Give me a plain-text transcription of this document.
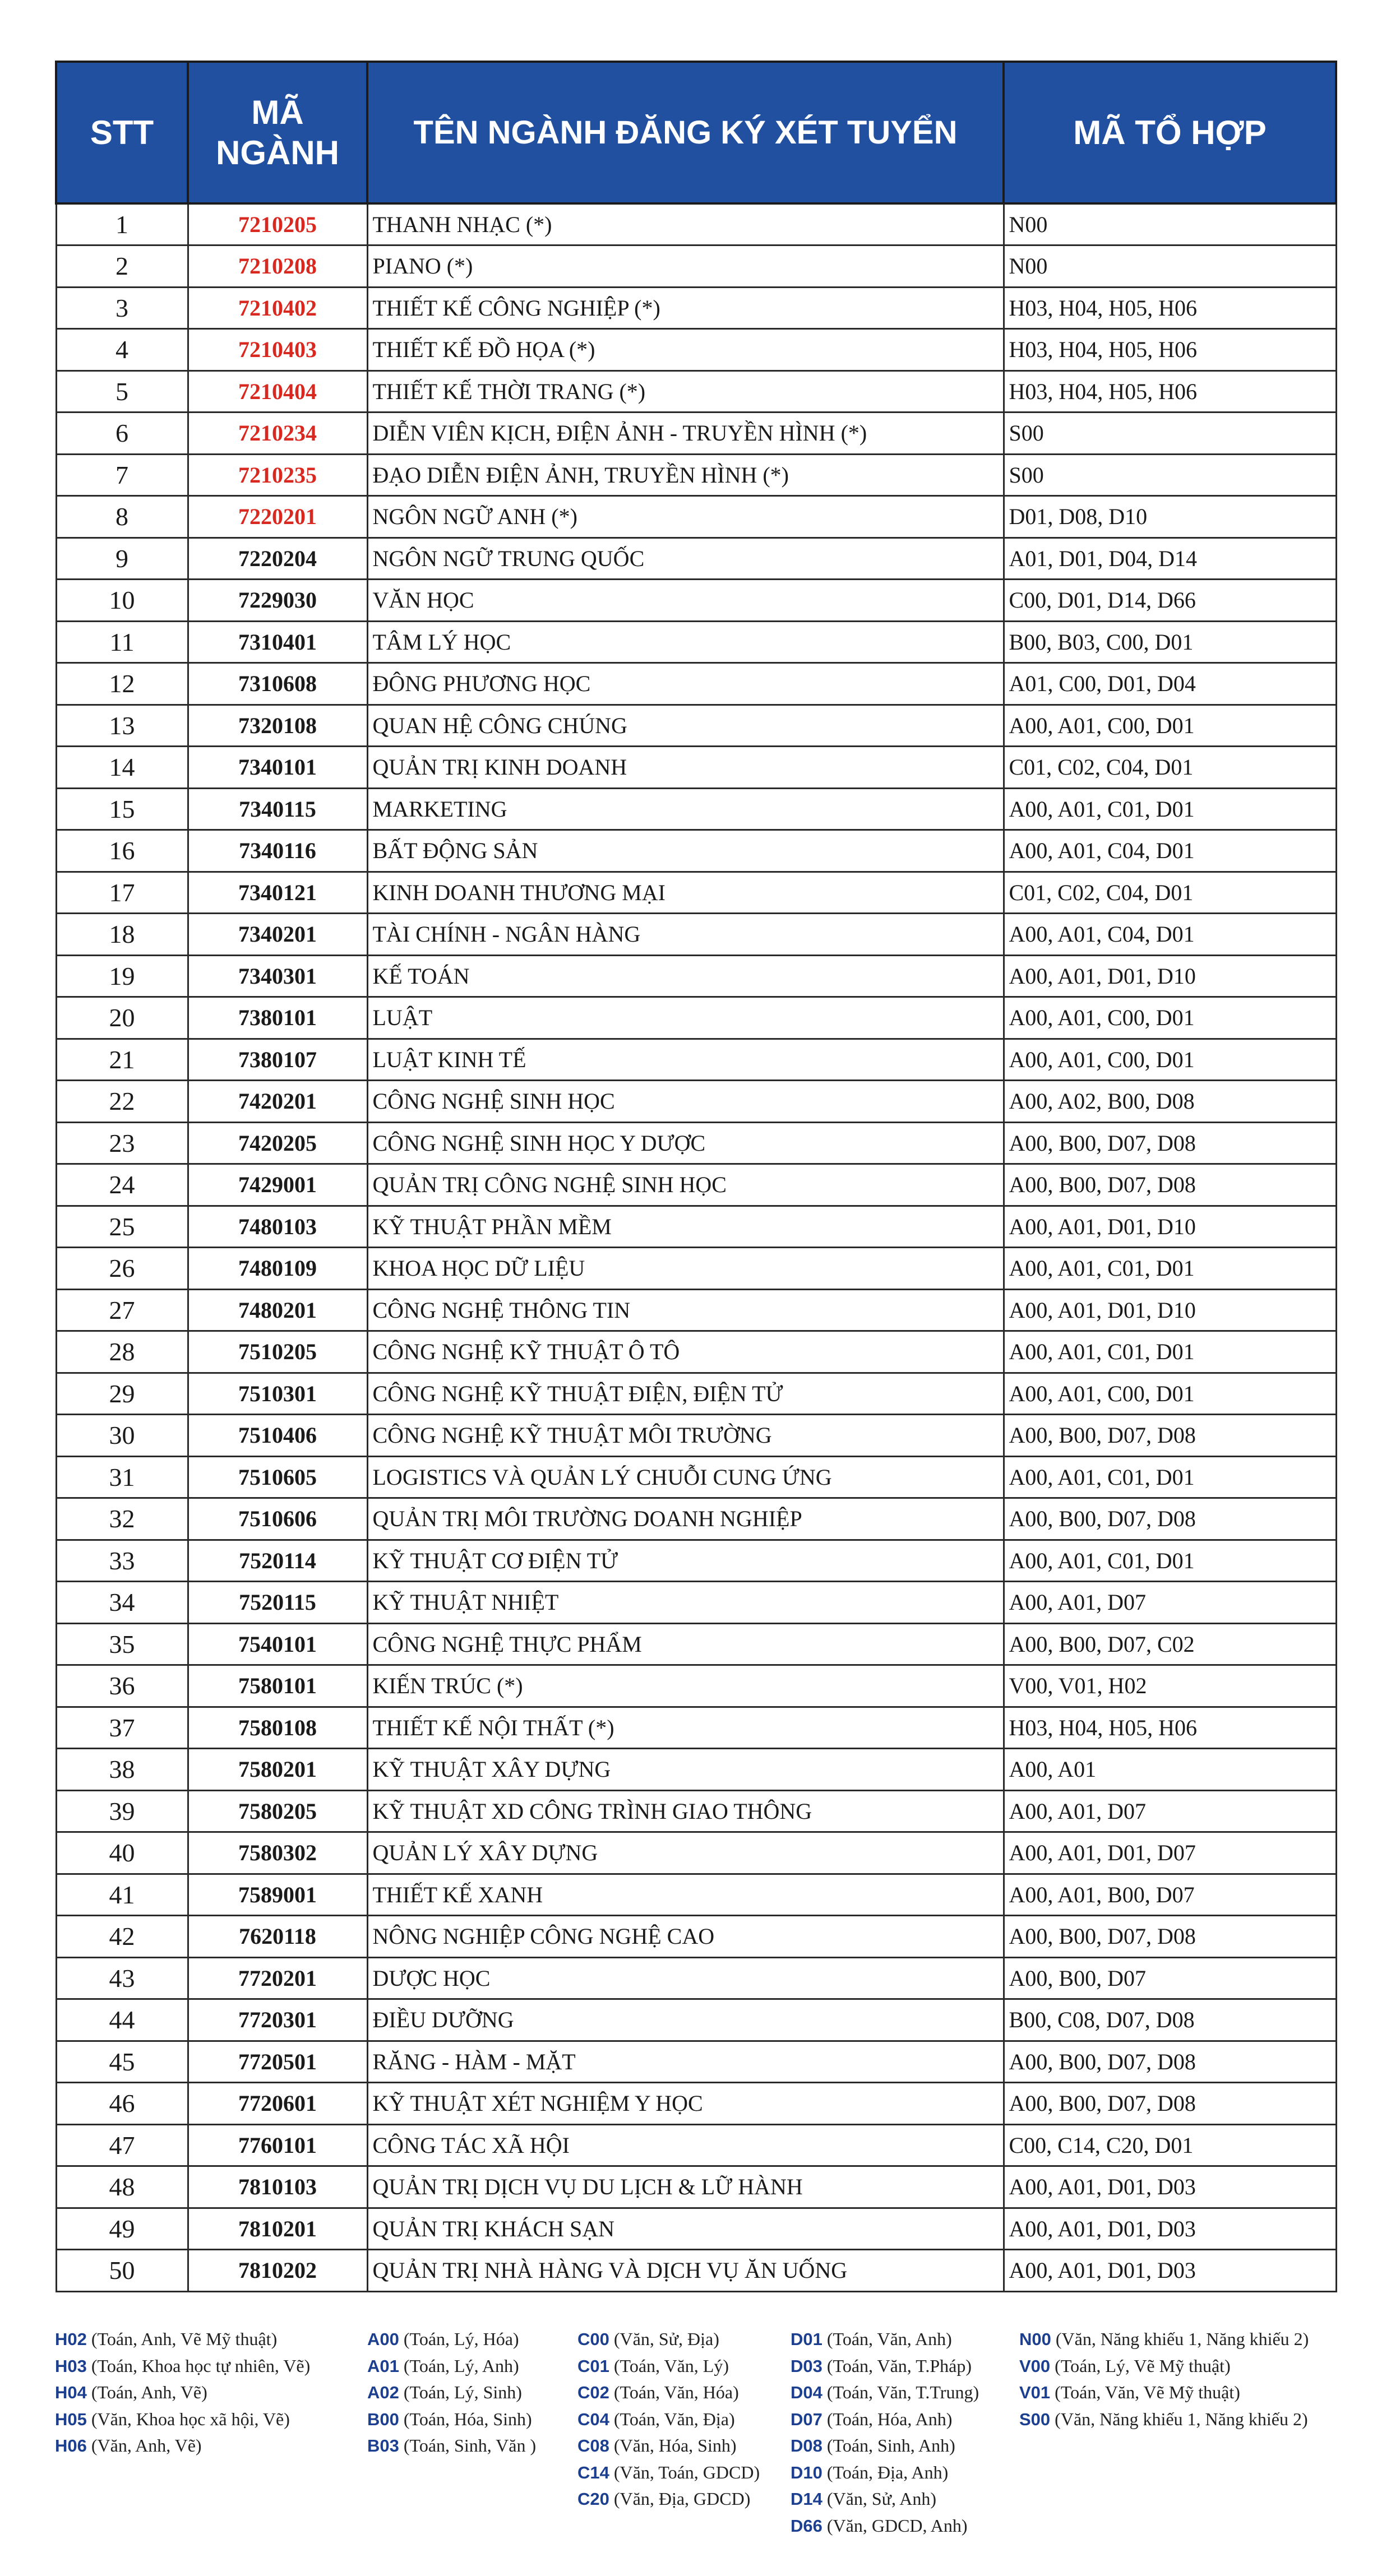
STT	MÃ NGÀNH	TÊN NGÀNH ĐĂNG KÝ XÉT TUYỂN	MÃ TỔ HỢP
1	7210205	THANH NHẠC (*)	N00
2	7210208	PIANO (*)	N00
3	7210402	THIẾT KẾ CÔNG NGHIỆP (*)	H03, H04, H05, H06
4	7210403	THIẾT KẾ ĐỒ HỌA (*)	H03, H04, H05, H06
5	7210404	THIẾT KẾ THỜI TRANG (*)	H03, H04, H05, H06
6	7210234	DIỄN VIÊN KỊCH, ĐIỆN ẢNH - TRUYỀN HÌNH (*)	S00
7	7210235	ĐẠO DIỄN ĐIỆN ẢNH, TRUYỀN HÌNH (*)	S00
8	7220201	NGÔN NGỮ ANH (*)	D01, D08, D10
9	7220204	NGÔN NGỮ TRUNG QUỐC	A01, D01, D04, D14
10	7229030	VĂN HỌC	C00, D01, D14, D66
11	7310401	TÂM LÝ HỌC	B00, B03, C00, D01
12	7310608	ĐÔNG PHƯƠNG HỌC	A01, C00, D01, D04
13	7320108	QUAN HỆ CÔNG CHÚNG	A00, A01, C00, D01
14	7340101	QUẢN TRỊ KINH DOANH	C01, C02, C04, D01
15	7340115	MARKETING	A00, A01, C01, D01
16	7340116	BẤT ĐỘNG SẢN	A00, A01, C04, D01
17	7340121	KINH DOANH THƯƠNG MẠI	C01, C02, C04, D01
18	7340201	TÀI CHÍNH - NGÂN HÀNG	A00, A01, C04, D01
19	7340301	KẾ TOÁN	A00, A01, D01, D10
20	7380101	LUẬT	A00, A01, C00, D01
21	7380107	LUẬT KINH TẾ	A00, A01, C00, D01
22	7420201	CÔNG NGHỆ SINH HỌC	A00, A02, B00, D08
23	7420205	CÔNG NGHỆ SINH HỌC Y DƯỢC	A00, B00, D07, D08
24	7429001	QUẢN TRỊ CÔNG NGHỆ SINH HỌC	A00, B00, D07, D08
25	7480103	KỸ THUẬT PHẦN MỀM	A00, A01, D01, D10
26	7480109	KHOA HỌC DỮ LIỆU	A00, A01, C01, D01
27	7480201	CÔNG NGHỆ THÔNG TIN	A00, A01, D01, D10
28	7510205	CÔNG NGHỆ KỸ THUẬT Ô TÔ	A00, A01, C01, D01
29	7510301	CÔNG NGHỆ KỸ THUẬT ĐIỆN, ĐIỆN TỬ	A00, A01, C00, D01
30	7510406	CÔNG NGHỆ KỸ THUẬT MÔI TRƯỜNG	A00, B00, D07, D08
31	7510605	LOGISTICS VÀ QUẢN LÝ CHUỖI CUNG ỨNG	A00, A01, C01, D01
32	7510606	QUẢN TRỊ MÔI TRƯỜNG DOANH NGHIỆP	A00, B00, D07, D08
33	7520114	KỸ THUẬT CƠ ĐIỆN TỬ	A00, A01, C01, D01
34	7520115	KỸ THUẬT NHIỆT	A00, A01, D07
35	7540101	CÔNG NGHỆ THỰC PHẨM	A00, B00, D07, C02
36	7580101	KIẾN TRÚC (*)	V00, V01, H02
37	7580108	THIẾT KẾ NỘI THẤT (*)	H03, H04, H05, H06
38	7580201	KỸ THUẬT XÂY DỰNG	A00, A01
39	7580205	KỸ THUẬT XD CÔNG TRÌNH GIAO THÔNG	A00, A01, D07
40	7580302	QUẢN LÝ XÂY DỰNG	A00, A01, D01, D07
41	7589001	THIẾT KẾ XANH	A00, A01, B00, D07
42	7620118	NÔNG NGHIỆP CÔNG NGHỆ CAO	A00, B00, D07, D08
43	7720201	DƯỢC HỌC	A00, B00, D07
44	7720301	ĐIỀU DƯỠNG	B00, C08, D07, D08
45	7720501	RĂNG - HÀM - MẶT	A00, B00, D07, D08
46	7720601	KỸ THUẬT XÉT NGHIỆM Y HỌC	A00, B00, D07, D08
47	7760101	CÔNG TÁC XÃ HỘI	C00, C14, C20, D01
48	7810103	QUẢN TRỊ DỊCH VỤ DU LỊCH & LỮ HÀNH	A00, A01, D01, D03
49	7810201	QUẢN TRỊ KHÁCH SẠN	A00, A01, D01, D03
50	7810202	QUẢN TRỊ NHÀ HÀNG VÀ DỊCH VỤ ĂN UỐNG	A00, A01, D01, D03
H02 (Toán, Anh, Vẽ Mỹ thuật)
H03 (Toán, Khoa học tự nhiên, Vẽ)
H04 (Toán, Anh, Vẽ)
H05 (Văn, Khoa học xã hội, Vẽ)
H06 (Văn, Anh, Vẽ)
A00 (Toán, Lý, Hóa)
A01 (Toán, Lý, Anh)
A02 (Toán, Lý, Sinh)
B00 (Toán, Hóa, Sinh)
B03 (Toán, Sinh, Văn )
C00 (Văn, Sử, Địa)
C01 (Toán, Văn, Lý)
C02 (Toán, Văn, Hóa)
C04 (Toán, Văn, Địa)
C08 (Văn, Hóa, Sinh)
C14 (Văn, Toán, GDCD)
C20 (Văn, Địa, GDCD)
D01 (Toán, Văn, Anh)
D03 (Toán, Văn, T.Pháp)
D04 (Toán, Văn, T.Trung)
D07 (Toán, Hóa, Anh)
D08 (Toán, Sinh, Anh)
D10 (Toán, Địa, Anh)
D14 (Văn, Sử, Anh)
D66 (Văn, GDCD, Anh)
N00 (Văn, Năng khiếu 1, Năng khiếu 2)
V00 (Toán, Lý, Vẽ Mỹ thuật)
V01 (Toán, Văn, Vẽ Mỹ thuật)
S00 (Văn, Năng khiếu 1, Năng khiếu 2)
